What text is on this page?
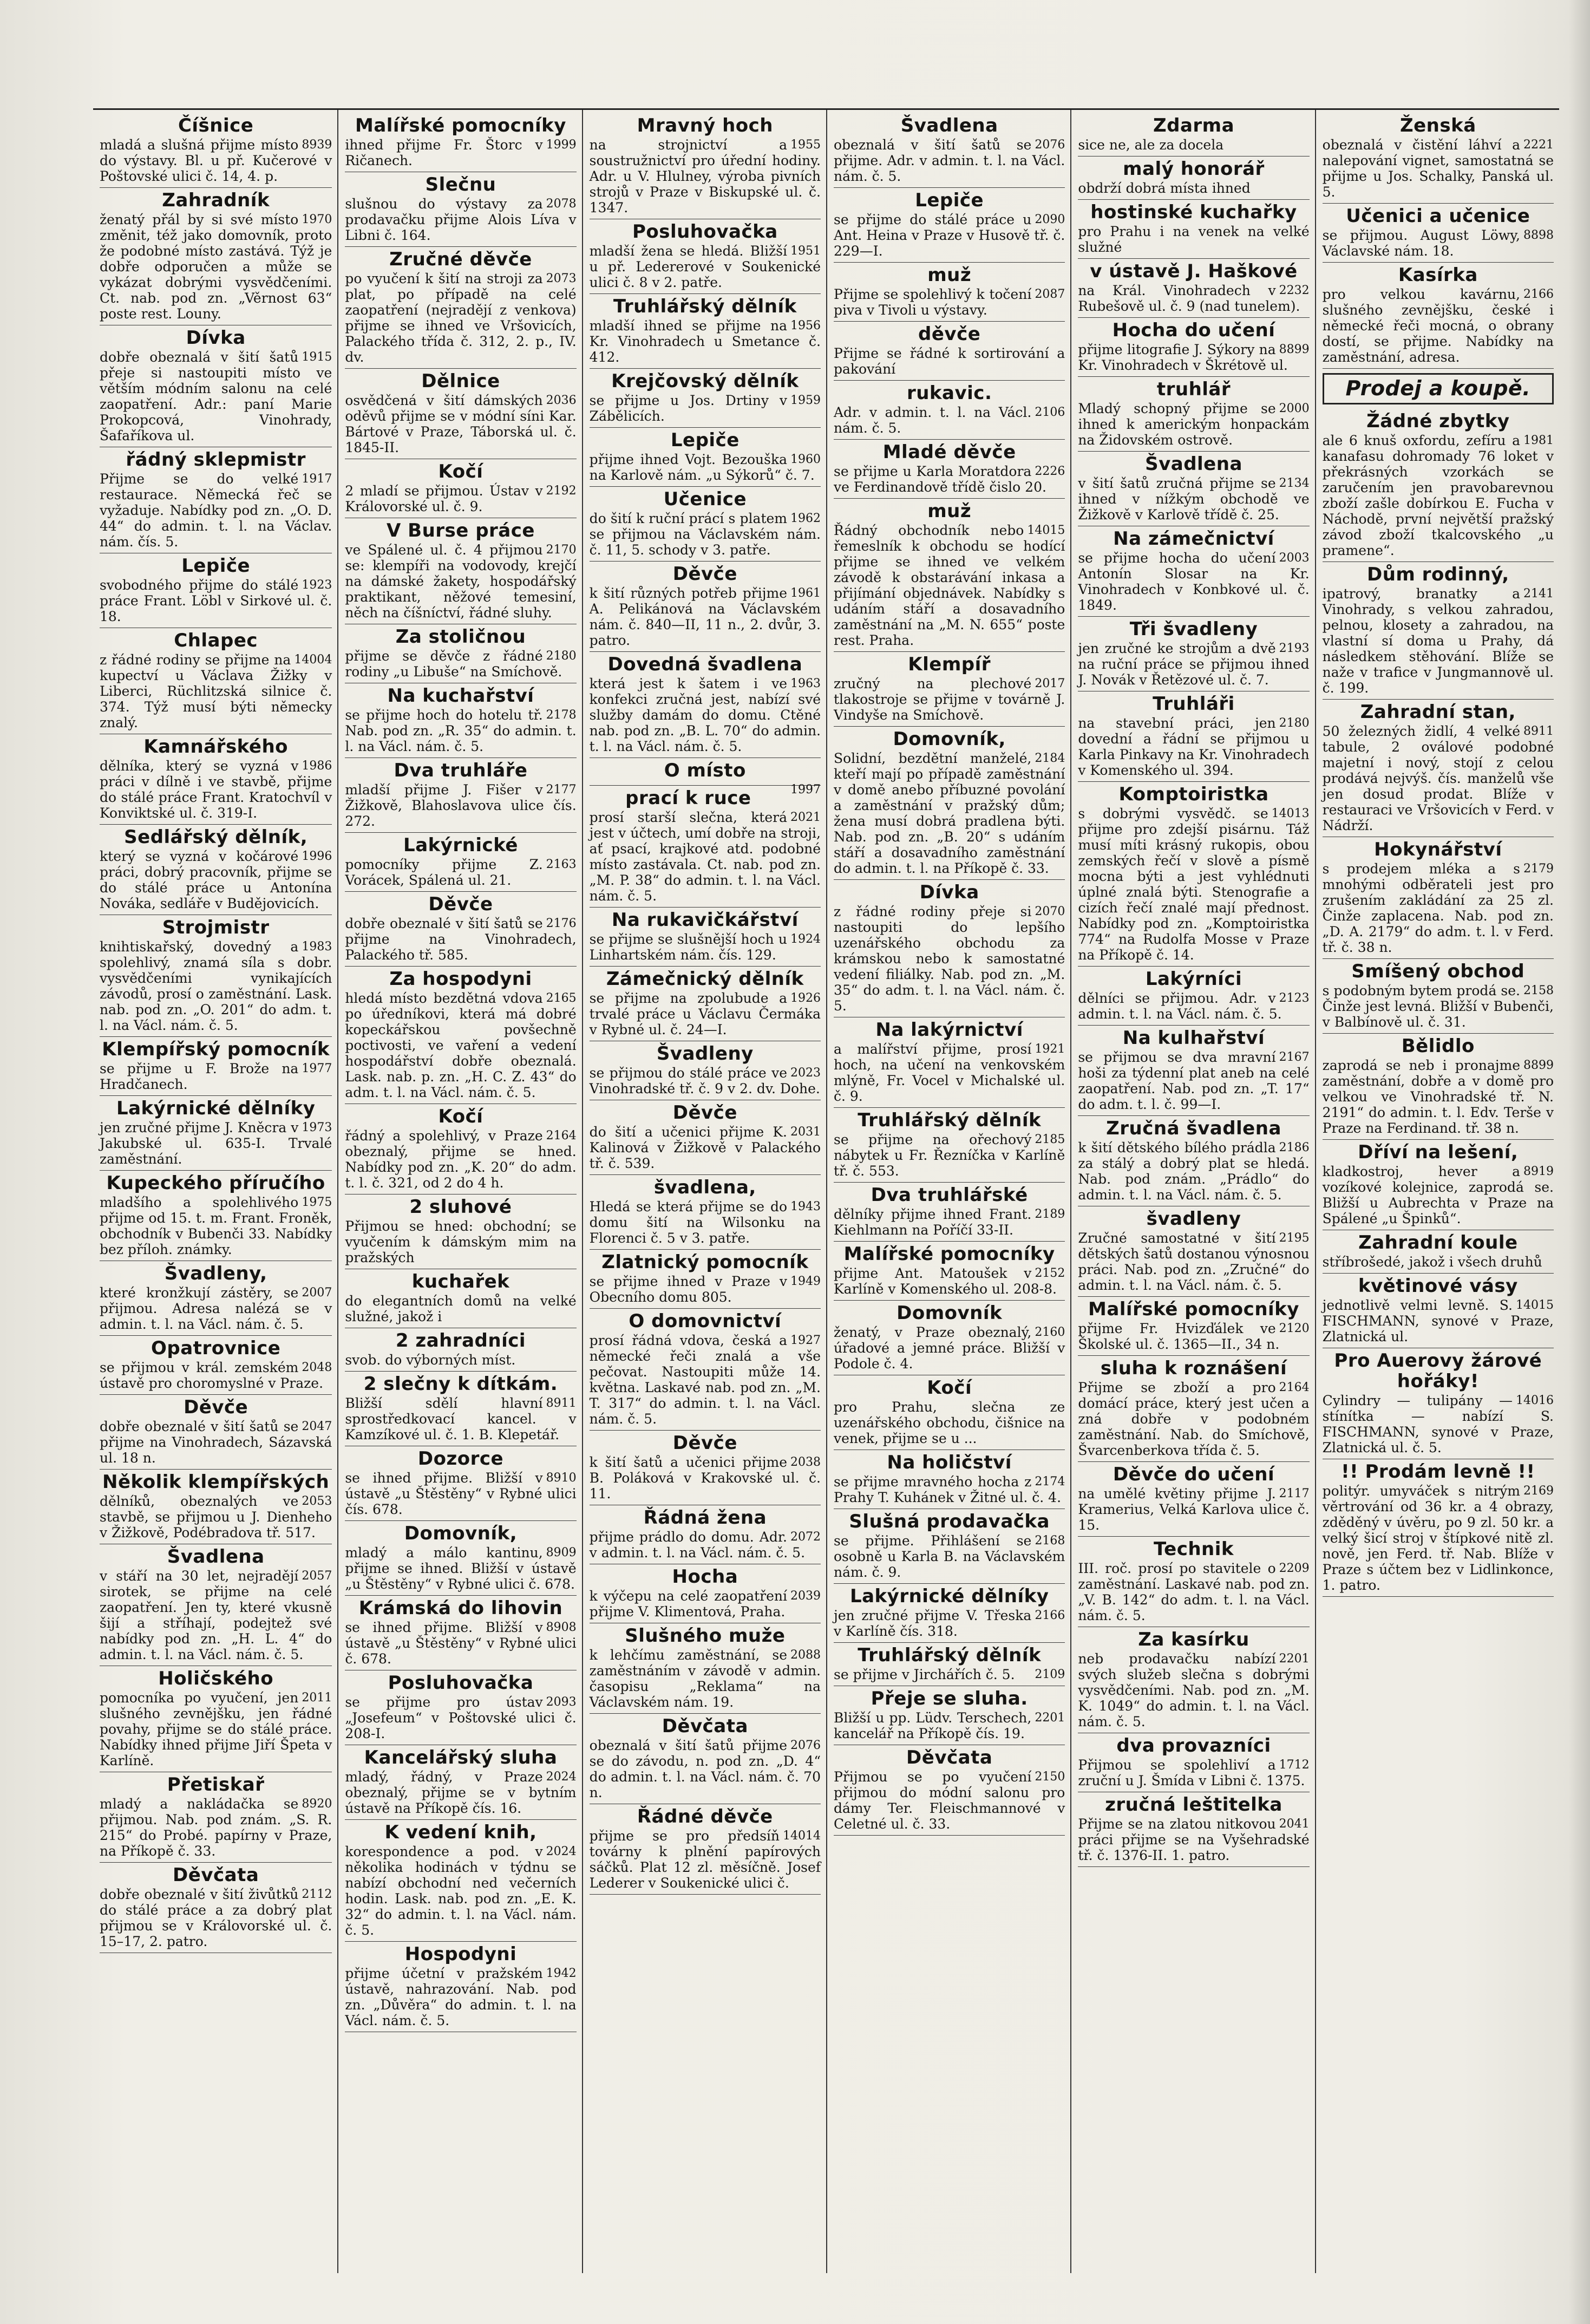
Číšnice

8939
mladá a slušná přijme místo do výstavy. Bl. u př. Kučerové v Poštovské ulici č. 14, 4. p.

Zahradník

1970
ženatý přál by si své místo změnit, též jako domovník, proto že podobné místo zastává. Týž je dobře odporučen a může se vykázat dobrými vysvědčeními. Ct. nab. pod zn. „Věrnost 63“ poste rest. Louny.

Dívka

1915
dobře obeznalá v šití šatů přeje si nastoupiti místo ve větším módním salonu na celé zaopatření. Adr.: paní Marie Prokopcová, Vinohrady, Šafaříkova ul.

řádný sklepmistr

1917
Přijme se do velké restaurace. Německá řeč se vyžaduje. Nabídky pod zn. „O. D. 44“ do admin. t. l. na Václav. nám. čís. 5.

Lepiče

1923
svobodného přijme do stálé práce Frant. Löbl v Sirkové ul. č. 18.

Chlapec

14004
z řádné rodiny se přijme na kupectví u Václava Žižky v Liberci, Rüchlitzská silnice č. 374. Týž musí býti německy znalý.

Kamnářského

1986
dělníka, který se vyzná v práci v dílně i ve stavbě, přijme do stálé práce Frant. Kratochvíl v Konviktské ul. č. 319-I.

Sedlářský dělník,

1996
který se vyzná v kočárové práci, dobrý pracovník, přijme se do stálé práce u Antonína Nováka, sedláře v Budějovicích.

Strojmistr

1983
knihtiskařský, dovedný a spolehlivý, znamá síla s dobr. vysvědčeními vynikajících závodů, prosí o zaměstnání. Lask. nab. pod zn. „O. 201“ do adm. t. l. na Václ. nám. č. 5.

Klempířský pomocník

1977
se přijme u F. Brože na Hradčanech.

Lakýrnické dělníky

1973
jen zručné přijme J. Kněcra v Jakubské ul. 635-I. Trvalé zaměstnání.

Kupeckého příručího

1975
mladšího a spolehlivého přijme od 15. t. m. Frant. Froněk, obchodník v Bubenči 33. Nabídky bez příloh. známky.

Švadleny,

2007
které kronžkují zástěry, se přijmou. Adresa nalézá se v admin. t. l. na Václ. nám. č. 5.

Opatrovnice

2048
se přijmou v král. zemském ústavě pro choromyslné v Praze.

Děvče

2047
dobře obeznalé v šití šatů se přijme na Vinohradech, Sázavská ul. 18 n.

Několik klempířských

2053
dělníků, obeznalých ve stavbě, se přijmou u J. Dienheho v Žižkově, Podébradova tř. 517.

Švadlena

2057
v stáří na 30 let, nejradějí sirotek, se přijme na celé zaopatření. Jen ty, které vkusně šijí a stříhají, podejtež své nabídky pod zn. „H. L. 4“ do admin. t. l. na Václ. nám. č. 5.

Holičského

2011
pomocníka po vyučení, jen slušného zevnějšku, jen řádné povahy, přijme se do stálé práce. Nabídky ihned přijme Jiří Špeta v Karlíně.

Přetiskař

8920
mladý a nakládačka se přijmou. Nab. pod znám. „S. R. 215“ do Probé. papírny v Praze, na Příkopě č. 33.

Děvčata

2112
dobře obeznalé v šití živůtků do stálé práce a za dobrý plat přijmou se v Královorské ul. č. 15–17, 2. patro.

Malířské pomocníky

1999
ihned přijme Fr. Štorc v Ričanech.

Slečnu

2078
slušnou do výstavy za prodavačku přijme Alois Líva v Libni č. 164.

Zručné děvče

2073
po vyučení k šití na stroji za plat, po případě na celé zaopatření (nejradějí z venkova) přijme se ihned ve Vršovicích, Palackého třída č. 312, 2. p., IV. dv.

Dělnice

2036
osvědčená v šití dámských oděvů přijme se v módní síni Kar. Bártové v Praze, Táborská ul. č. 1845-II.

Kočí

2192
2 mladí se přijmou. Ústav v Královorské ul. č. 9.

V Burse práce

2170
ve Spálené ul. č. 4 přijmou se: klempíři na vodovody, krejčí na dámské žakety, hospodářský praktikant, něžové temesiní, něch na číšníctví, řádné sluhy.

Za stoličnou

2180
přijme se děvče z řádné rodiny „u Libuše“ na Smíchově.

Na kuchařství

2178
se přijme hoch do hotelu tř. Nab. pod zn. „R. 35“ do admin. t. l. na Václ. nám. č. 5.

Dva truhláře

2177
mladší přijme J. Fišer v Žižkově, Blahoslavova ulice čís. 272.

Lakýrnické

2163
pomocníky přijme Z. Vorácek, Spálená ul. 21.

Děvče

2176
dobře obeznalé v šití šatů se přijme na Vinohradech, Palackého tř. 585.

Za hospodyni

2165
hledá místo bezdětná vdova po úředníkovi, která má dobré kopeckářskou povšechně poctivosti, ve vaření a vedení hospodářství dobře obeznalá. Lask. nab. p. zn. „H. C. Z. 43“ do adm. t. l. na Václ. nám. č. 5.

Kočí

2164
řádný a spolehlivý, v Praze obeznalý, přijme se hned. Nabídky pod zn. „K. 20“ do adm. t. l. č. 321, od 2 do 4 h.

2 sluhové

Přijmou se hned: obchodní; se vyučením k dámským mim na pražských

kuchařek

do elegantních domů na velké služné, jakož i

2 zahradníci

svob. do výborných míst.

2 slečny k dítkám.

8911
Bližší sdělí hlavní sprostředkovací kancel. v Kamzíkové ul. č. 1. B. Klepetář.

Dozorce

8910
se ihned přijme. Bližší v ústavě „u Štěstěny“ v Rybné ulici čís. 678.

Domovník,

8909
mladý a málo kantinu, přijme se ihned. Bližší v ústavě „u Štěstěny“ v Rybné ulici č. 678.

Krámská do lihovin

8908
se ihned přijme. Bližší v ústavě „u Štěstěny“ v Rybné ulici č. 678.

Posluhovačka

2093
se přijme pro ústav „Josefeum“ v Poštovské ulici č. 208-I.

Kancelářský sluha

2024
mladý, řádný, v Praze obeznalý, přijme se v bytním ústavě na Příkopě čís. 16.

K vedení knih,

2024
korespondence a pod. v několika hodinách v týdnu se nabízí obchodní ned večerních hodin. Lask. nab. pod zn. „E. K. 32“ do admin. t. l. na Václ. nám. č. 5.

Hospodyni

1942
přijme účetní v pražském ústavě, nahrazování. Nab. pod zn. „Důvěra“ do admin. t. l. na Václ. nám. č. 5.

Mravný hoch

1955
na strojnictví a soustružnictví pro úřední hodiny. Adr. u V. Hlulney, výroba pivních strojů v Praze v Biskupské ul. č. 1347.

Posluhovačka

1951
mladší žena se hledá. Bližší u př. Ledererové v Soukenické ulici č. 8 v 2. patře.

Truhlářský dělník

1956
mladší ihned se přijme na Kr. Vinohradech u Smetance č. 412.

Krejčovský dělník

1959
se přijme u Jos. Drtiny v Zábělicích.

Lepiče

1960
přijme ihned Vojt. Bezouška na Karlově nám. „u Sýkorů“ č. 7.

Učenice

1962
do šití k ruční prácí s platem se přijmou na Václavském nám. č. 11, 5. schody v 3. patře.

Děvče

1961
k šití různých potřeb přijme A. Pelikánová na Václavském nám. č. 840—II, 11 n., 2. dvůr, 3. patro.

Dovedná švadlena

1963
která jest k šatem i ve konfekci zručná jest, nabízí své služby damám do domu. Ctěné nab. pod zn. „B. L. 70“ do admin. t. l. na Václ. nám. č. 5.

O místo

1997

prací k ruce

2021
prosí starší slečna, která jest v účtech, umí dobře na stroji, ať psací, krajkové atd. podobné místo zastávala. Ct. nab. pod zn. „M. P. 38“ do admin. t. l. na Václ. nám. č. 5.

Na rukavičkářství

1924
se přijme se slušnější hoch u Linhartském nám. čís. 129.

Zámečnický dělník

1926
se přijme na zpolubude a trvalé práce u Václavu Čermáka v Rybné ul. č. 24—I.

Švadleny

2023
se přijmou do stálé práce ve Vinohradské tř. č. 9 v 2. dv. Dohe.

Děvče

2031
do šití a učenici přijme K. Kalinová v Žižkově v Palackého tř. č. 539.

švadlena,

1943
Hledá se která přijme se do domu šití na Wilsonku na Florenci č. 5 v 3. patře.

Zlatnický pomocník

1949
se přijme ihned v Praze v Obecního domu 805.

O domovnictví

1927
prosí řádná vdova, česká a německé řeči znalá a vše pečovat. Nastoupiti může 14. května. Laskavé nab. pod zn. „M. T. 317“ do admin. t. l. na Václ. nám. č. 5.

Děvče

2038
k šití šatů a učenici přijme B. Poláková v Krakovské ul. č. 11.

Řádná žena

2072
přijme prádlo do domu. Adr. v admin. t. l. na Václ. nám. č. 5.

Hocha

2039
k výčepu na celé zaopatření přijme V. Klimentová, Praha.

Slušného muže

2088
k lehčímu zaměstnání, se zaměstnáním v závodě v admin. časopisu „Reklama“ na Václavském nám. 19.

Děvčata

2076
obeznalá v šití šatů přijme se do závodu, n. pod zn. „D. 4“ do admin. t. l. na Václ. nám. č. 70 n.

Řádné děvče

14014
přijme se pro předsíň továrny k plnění papírových sáčků. Plat 12 zl. měsíčně. Josef Lederer v Soukenické ulici č.

Švadlena

2076
obeznalá v šití šatů se přijme. Adr. v admin. t. l. na Václ. nám. č. 5.

Lepiče

2090
se přijme do stálé práce u Ant. Heina v Praze v Husově tř. č. 229—I.

muž

2087
Přijme se spolehlivý k točení piva v Tivoli u výstavy.

děvče

Přijme se řádné k sortirování a pakování

rukavic.

2106
Adr. v admin. t. l. na Václ. nám. č. 5.

Mladé děvče

2226
se přijme u Karla Moratdora ve Ferdinandově třídě čislo 20.

muž

14015
Řádný obchodník nebo řemeslník k obchodu se hodící přijme se ihned ve velkém závodě k obstarávání inkasa a přijímání objednávek. Nabídky s udáním stáří a dosavadního zaměstnání na „M. N. 655“ poste rest. Praha.

Klempíř

2017
zručný na plechové tlakostroje se přijme v továrně J. Vindyše na Smíchově.

Domovník,

2184
Solidní, bezdětní manželé, kteří mají po případě zaměstnání v domě anebo příbuzné povolání a zaměstnání v pražský dům; žena musí dobrá pradlena býti. Nab. pod zn. „B. 20“ s udáním stáří a dosavadního zaměstnání do admin. t. l. na Příkopě č. 33.

Dívka

2070
z řádné rodiny přeje si nastoupiti do lepšího uzenářského obchodu za krámskou nebo k samostatné vedení filiálky. Nab. pod zn. „M. 35“ do adm. t. l. na Václ. nám. č. 5.

Na lakýrnictví

1921
a malířství přijme, prosí hoch, na učení na venkovském mlýně, Fr. Vocel v Michalské ul. č. 9.

Truhlářský dělník

2185
se přijme na ořechový nábytek u Fr. Řezníčka v Karlíně tř. č. 553.

Dva truhlářské

2189
dělníky přijme ihned Frant. Kiehlmann na Poříčí 33-II.

Malířské pomocníky

2152
přijme Ant. Matoušek v Karlíně v Komenského ul. 208-8.

Domovník

2160
ženatý, v Praze obeznalý, úřadové a jemné práce. Bližší v Podole č. 4.

Kočí

pro Prahu, slečna ze uzenářského obchodu, čišnice na venek, přijme se u ...

Na holičství

2174
se přijme mravného hocha z Prahy T. Kuhánek v Žitné ul. č. 4.

Slušná prodavačka

2168
se přijme. Přihlášení se osobně u Karla B. na Václavském nám. č. 9.

Lakýrnické dělníky

2166
jen zručné přijme V. Třeska v Karlíně čís. 318.

Truhlářský dělník

2109
se přijme v Jirchářích č. 5.

Přeje se sluha.

2201
Bližší u pp. Lüdv. Terschech, kancelář na Příkopě čís. 19.

Děvčata

2150
Přijmou se po vyučení přijmou do módní salonu pro dámy Ter. Fleischmannové v Celetné ul. č. 33.

Zdarma

sice ne, ale za docela

malý honorář

obdrží dobrá místa ihned

hostinské kuchařky

pro Prahu i na venek na velké služné

v ústavě J. Haškové

2232
na Král. Vinohradech v Rubešově ul. č. 9 (nad tunelem).

Hocha do učení

8899
přijme litografie J. Sýkory na Kr. Vinohradech v Škrétově ul.

truhlář

2000
Mladý schopný přijme se ihned k americkým honpackám na Židovském ostrově.

Švadlena

2134
v šití šatů zručná přijme se ihned v nížkým obchodě ve Žižkově v Karlově třídě č. 25.

Na zámečnictví

2003
se přijme hocha do učení Antonín Slosar na Kr. Vinohradech v Konbkové ul. č. 1849.

Tři švadleny

2193
jen zručné ke strojům a dvě na ruční práce se přijmou ihned J. Novák v Řetězové ul. č. 7.

Truhláři

2180
na stavební práci, jen dovední a řádní se přijmou u Karla Pinkavy na Kr. Vinohradech v Komenského ul. 394.

Komptoiristka

14013
s dobrými vysvědč. se přijme pro zdejší pisárnu. Táž musí míti krásný rukopis, obou zemských řečí v slově a písmě mocna býti a jest vyhlédnuti úplné znalá býti. Stenografie a cizích řečí znalé mají přednost. Nabídky pod zn. „Komptoiristka 774“ na Rudolfa Mosse v Praze na Příkopě č. 14.

Lakýrníci

2123
dělníci se přijmou. Adr. v admin. t. l. na Václ. nám. č. 5.

Na kulhařství

2167
se přijmou se dva mravní hoši za týdenní plat aneb na celé zaopatření. Nab. pod zn. „T. 17“ do adm. t. l. č. 99—I.

Zručná švadlena

2186
k šití dětského bílého prádla za stálý a dobrý plat se hledá. Nab. pod znám. „Prádlo“ do admin. t. l. na Václ. nám. č. 5.

švadleny

2195
Zručné samostatné v šití dětských šatů dostanou výnosnou práci. Nab. pod zn. „Zručné“ do admin. t. l. na Václ. nám. č. 5.

Malířské pomocníky

2120
přijme Fr. Hvizďálek ve Školské ul. č. 1365—II., 34 n.

sluha k roznášení

2164
Přijme se zboží a pro domácí práce, který jest učen a zná dobře v podobném zaměstnání. Nab. do Smíchově, Švarcenberkova třída č. 5.

Děvče do učení

2117
na umělé květiny přijme J. Kramerius, Velká Karlova ulice č. 15.

Technik

2209
III. roč. prosí po stavitele o zaměstnání. Laskavé nab. pod zn. „V. B. 142“ do adm. t. l. na Václ. nám. č. 5.

Za kasírku

2201
neb prodavačku nabízí svých služeb slečna s dobrými vysvědčeními. Nab. pod zn. „M. K. 1049“ do admin. t. l. na Václ. nám. č. 5.

dva provazníci

1712
Přijmou se spolehliví a zruční u J. Šmída v Libni č. 1375.

zručná leštitelka

2041
Přijme se na zlatou nitkovou práci přijme se na Vyšehradské tř. č. 1376-II. 1. patro.

Ženská

2221
obeznalá v čistění láhví a nalepování vignet, samostatná se přijme u Jos. Schalky, Panská ul. 5.

Učenici a učenice

8898
se přijmou. August Löwy, Václavské nám. 18.

Kasírka

2166
pro velkou kavárnu, slušného zevnějšku, české i německé řeči mocná, o obrany dostí, se přijme. Nabídky na zaměstnání, adresa.

Prodej a koupě.

Žádné zbytky

1981
ale 6 knuš oxfordu, zefíru a kanafasu dohromady 76 loket v překrásných vzorkách se zaručením jen pravobarevnou zboží zašle dobírkou E. Fucha v Náchodě, první největší pražský závod zboží tkalcovského „u pramene“.

Dům rodinný,

2141
ipatrový, branatky a Vinohrady, s velkou zahradou, pelnou, klosety a zahradou, na vlastní sí doma u Prahy, dá následkem stěhování. Blíže se naže v trafice v Jungmannově ul. č. 199.

Zahradní stan,

8911
50 železných židlí, 4 velké tabule, 2 oválové podobné majetní i nový, stojí z celou prodává nejvýš. čís. manželů vše jen dosud prodat. Blíže v restauraci ve Vršovicích v Ferd. v Nádrží.

Hokynářství

2179
s prodejem mléka a s mnohými odběrateli jest pro zrušením zakládání za 25 zl. Činže zaplacena. Nab. pod zn. „D. A. 2179“ do adm. t. l. v Ferd. tř. č. 38 n.

Smíšený obchod

2158
s podobným bytem prodá se. Činže jest levná. Bližší v Bubenči, v Balbínově ul. č. 31.

Bělidlo

8899
zaprodá se neb i pronajme zaměstnání, dobře a v domě pro velkou ve Vinohradské tř. N. 2191“ do admin. t. l. Edv. Terše v Praze na Ferdinand. tř. 38 n.

Dříví na lešení,

8919
kladkostroj, hever a vozíkové kolejnice, zaprodá se. Bližší u Aubrechta v Praze na Spálené „u Špinků“.

Zahradní koule

stříbrošedé, jakož i všech druhů

květinové vásy

14015
jednotlivě velmi levně. S. FISCHMANN, synové v Praze, Zlatnická ul.

Pro Auerovy žárové hořáky!

14016
Cylindry — tulipány — stínítka — nabízí S. FISCHMANN, synové v Praze, Zlatnická ul. č. 5.

!! Prodám levně !!

2169
politýr. umyváček s nitrým věrtrování od 36 kr. a 4 obrazy, zděděný v úvěru, po 9 zl. 50 kr. a velký šicí stroj v štípkové nitě zl. nově, jen Ferd. tř. Nab. Blíže v Praze s účtem bez v Lidlinkonce, 1. patro.
